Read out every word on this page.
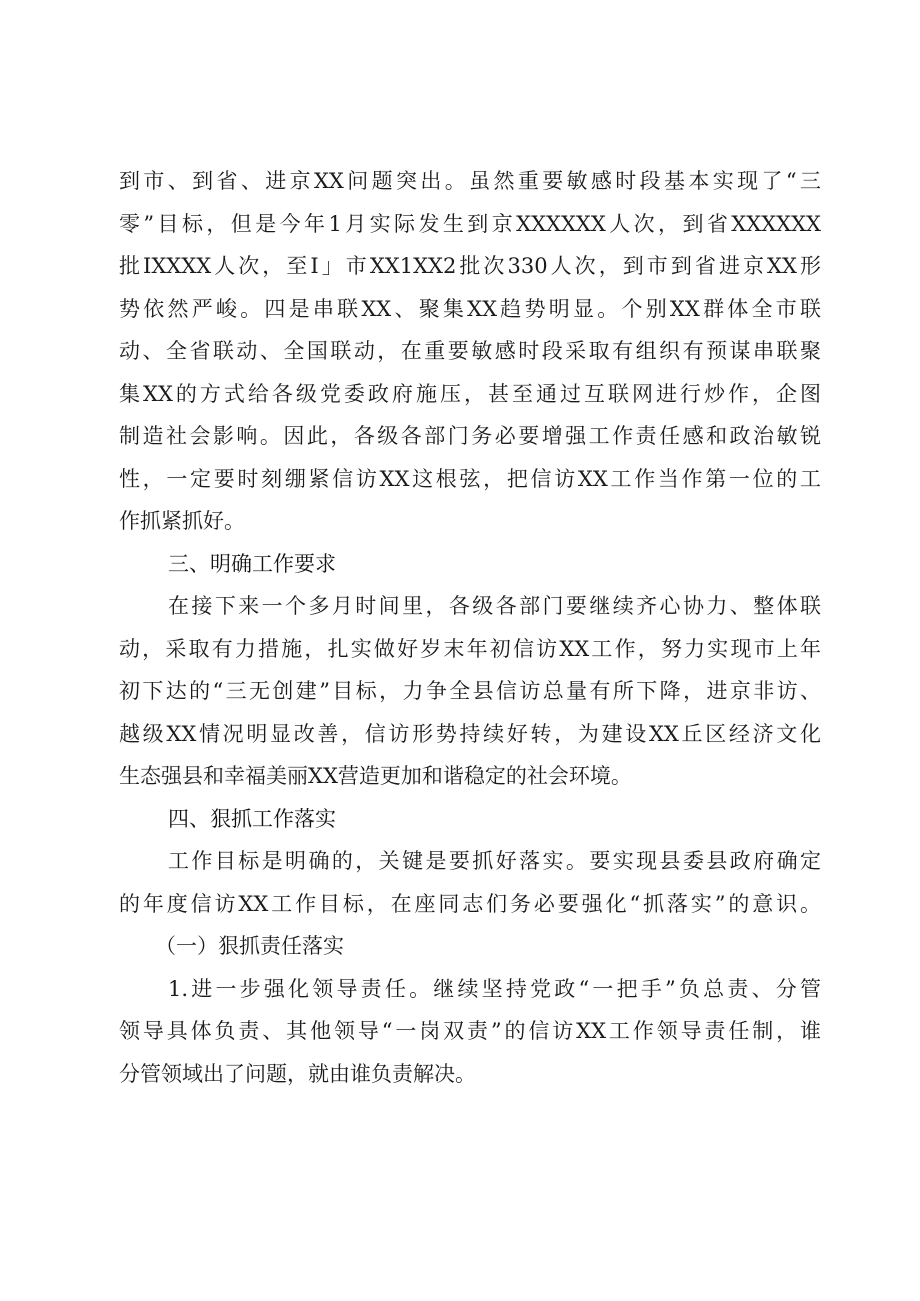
到市、到省、进京XX问题突出。虽然重要敏感时段基本实现了“三
零”目标，但是今年1月实际发生到京XXXXXX人次，到省XXXXXX
批IXXXX人次，至I」市XX1XX2批次330人次，到市到省进京XX形
势依然严峻。四是串联XX、聚集XX趋势明显。个别XX群体全市联
动、全省联动、全国联动，在重要敏感时段采取有组织有预谋串联聚
集XX的方式给各级党委政府施压，甚至通过互联网进行炒作，企图
制造社会影响。因此，各级各部门务必要增强工作责任感和政治敏锐
性，一定要时刻绷紧信访XX这根弦，把信访XX工作当作第一位的工
作抓紧抓好。
三、明确工作要求
在接下来一个多月时间里，各级各部门要继续齐心协力、整体联
动，采取有力措施，扎实做好岁末年初信访XX工作，努力实现市上年
初下达的“三无创建”目标，力争全县信访总量有所下降，进京非访、
越级XX情况明显改善，信访形势持续好转，为建设XX丘区经济文化
生态强县和幸福美丽XX营造更加和谐稳定的社会环境。
四、狠抓工作落实
工作目标是明确的，关键是要抓好落实。要实现县委县政府确定
的年度信访XX工作目标，在座同志们务必要强化“抓落实”的意识。
（一）狠抓责任落实
1.进一步强化领导责任。继续坚持党政“一把手”负总责、分管
领导具体负责、其他领导“一岗双责”的信访XX工作领导责任制，谁
分管领域出了问题，就由谁负责解决。
